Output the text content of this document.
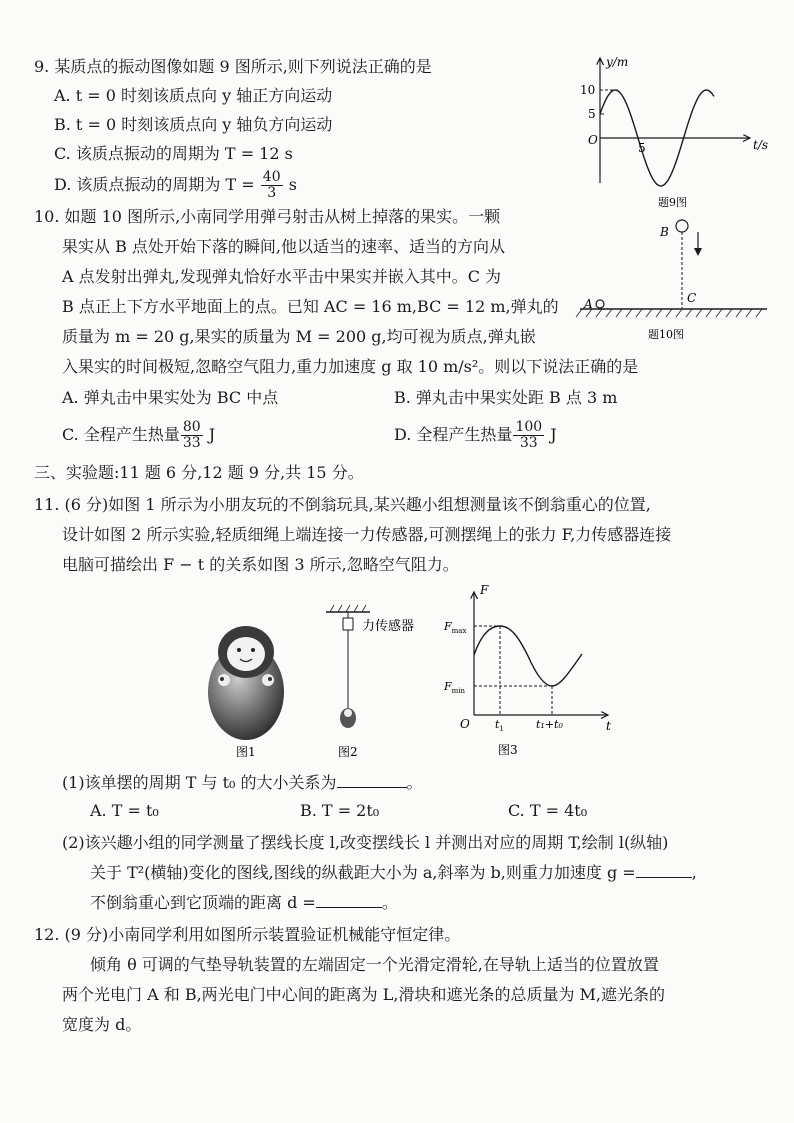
9. 某质点的振动图像如题 9 图所示,则下列说法正确的是
A. t = 0 时刻该质点向 y 轴正方向运动
B. t = 0 时刻该质点向 y 轴负方向运动
C. 该质点振动的周期为 T = 12 s
D. 该质点振动的周期为 $T = \frac{40}{3}$ s
y/m
t/s
O
10
5
5
题9图
10. 如题 10 图所示,小南同学用弹弓射击从树上掉落的果实。一颗
果实从 B 点处开始下落的瞬间,他以适当的速率、适当的方向从
A 点发射出弹丸,发现弹丸恰好水平击中果实并嵌入其中。C 为
B 点正上下方水平地面上的点。已知 AC = 16 m,BC = 12 m,弹丸的
质量为 m = 20 g,果实的质量为 M = 200 g,均可视为质点,弹丸嵌
入果实的时间极短,忽略空气阻力,重力加速度 g 取 10 m/s²。则以下说法正确的是
A. 弹丸击中果实处为 BC 中点	B. 弹丸击中果实处距 B 点 3 m
C. 全程产生热量 $\frac{80}{33}$ J	D. 全程产生热量 $\frac{100}{33}$ J
B
A	C
题10图
三、实验题:11 题 6 分,12 题 9 分,共 15 分。
11. (6 分)如图 1 所示为小朋友玩的不倒翁玩具,某兴趣小组想测量该不倒翁重心的位置,
设计如图 2 所示实验,轻质细绳上端连接一力传感器,可测摆绳上的张力 F,力传感器连接
电脑可描绘出 F − t 的关系如图 3 所示,忽略空气阻力。
图1
力传感器
图2
F
t
O
$F_{max}$
$F_{min}$
$t_1$	t₁+t₀
图3
(1)该单摆的周期 T 与 t₀ 的大小关系为	。
A. T = t₀	B. T = 2t₀	C. T = 4t₀
(2)该兴趣小组的同学测量了摆线长度 l,改变摆线长 l 并测出对应的周期 T,绘制 l(纵轴)
关于 T²(横轴)变化的图线,图线的纵截距大小为 a,斜率为 b,则重力加速度 g =	,
不倒翁重心到它顶端的距离 d =	。
12. (9 分)小南同学利用如图所示装置验证机械能守恒定律。
倾角 θ 可调的气垫导轨装置的左端固定一个光滑定滑轮,在导轨上适当的位置放置
两个光电门 A 和 B,两光电门中心间的距离为 L,滑块和遮光条的总质量为 M,遮光条的
宽度为 d。
